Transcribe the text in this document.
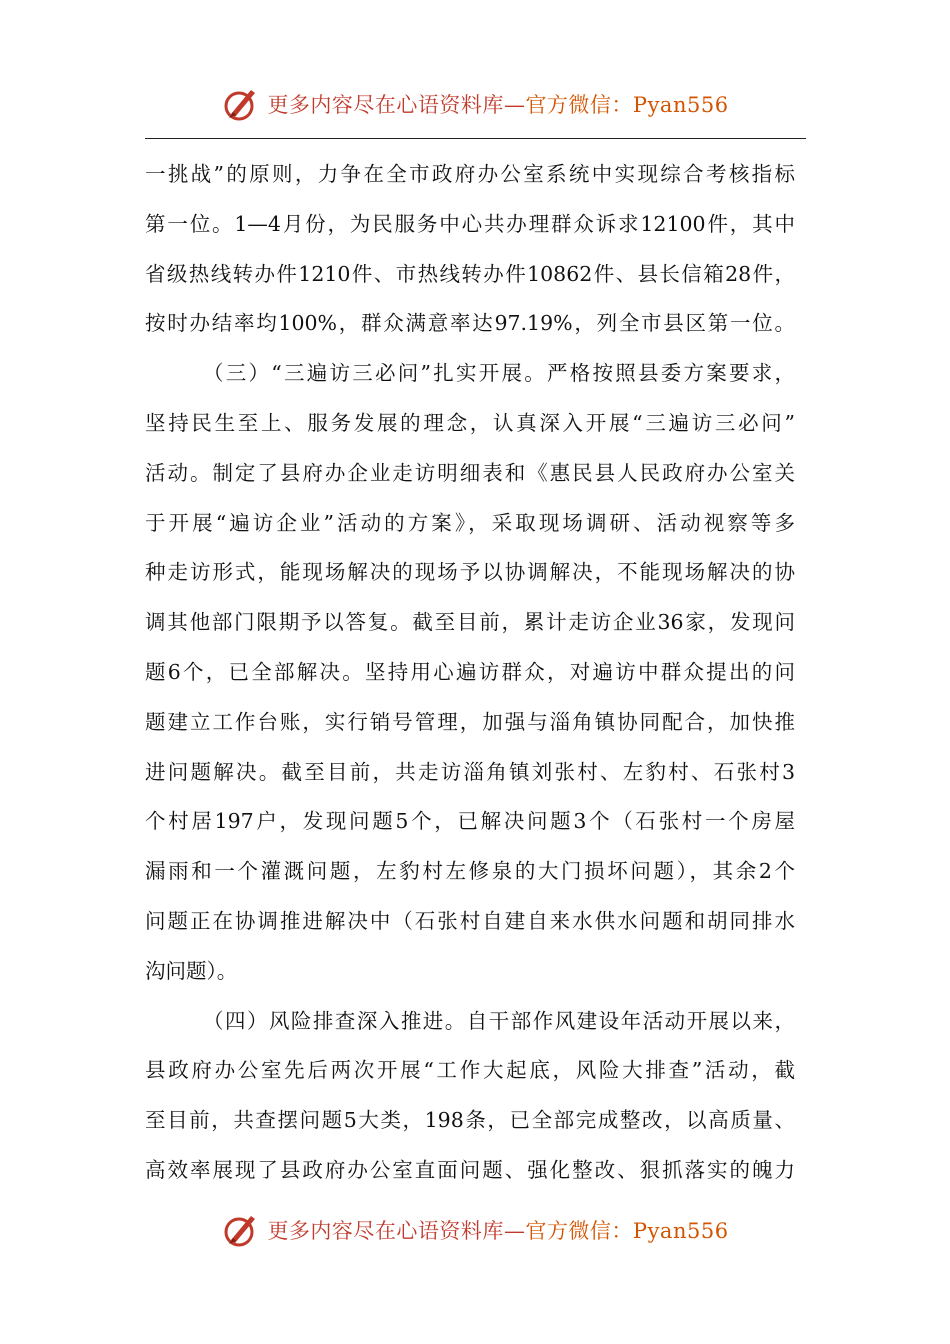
更多内容尽在心语资料库—官方微信：Pyan556
一挑战”的原则，力争在全市政府办公室系统中实现综合考核指标
第一位。1—4月份，为民服务中心共办理群众诉求12100件，其中
省级热线转办件1210件、市热线转办件10862件、县长信箱28件，
按时办结率均100%，群众满意率达97.19%，列全市县区第一位。
（三）“三遍访三必问”扎实开展。严格按照县委方案要求，
坚持民生至上、服务发展的理念，认真深入开展“三遍访三必问”
活动。制定了县府办企业走访明细表和《惠民县人民政府办公室关
于开展“遍访企业”活动的方案》，采取现场调研、活动视察等多
种走访形式，能现场解决的现场予以协调解决，不能现场解决的协
调其他部门限期予以答复。截至目前，累计走访企业36家，发现问
题6个，已全部解决。坚持用心遍访群众，对遍访中群众提出的问
题建立工作台账，实行销号管理，加强与淄角镇协同配合，加快推
进问题解决。截至目前，共走访淄角镇刘张村、左豹村、石张村3
个村居197户，发现问题5个，已解决问题3个（石张村一个房屋
漏雨和一个灌溉问题，左豹村左修泉的大门损坏问题），其余2个
问题正在协调推进解决中（石张村自建自来水供水问题和胡同排水
沟问题）。
（四）风险排查深入推进。自干部作风建设年活动开展以来，
县政府办公室先后两次开展“工作大起底，风险大排查”活动，截
至目前，共查摆问题5大类，198条，已全部完成整改，以高质量、
高效率展现了县政府办公室直面问题、强化整改、狠抓落实的魄力
更多内容尽在心语资料库—官方微信：Pyan556
